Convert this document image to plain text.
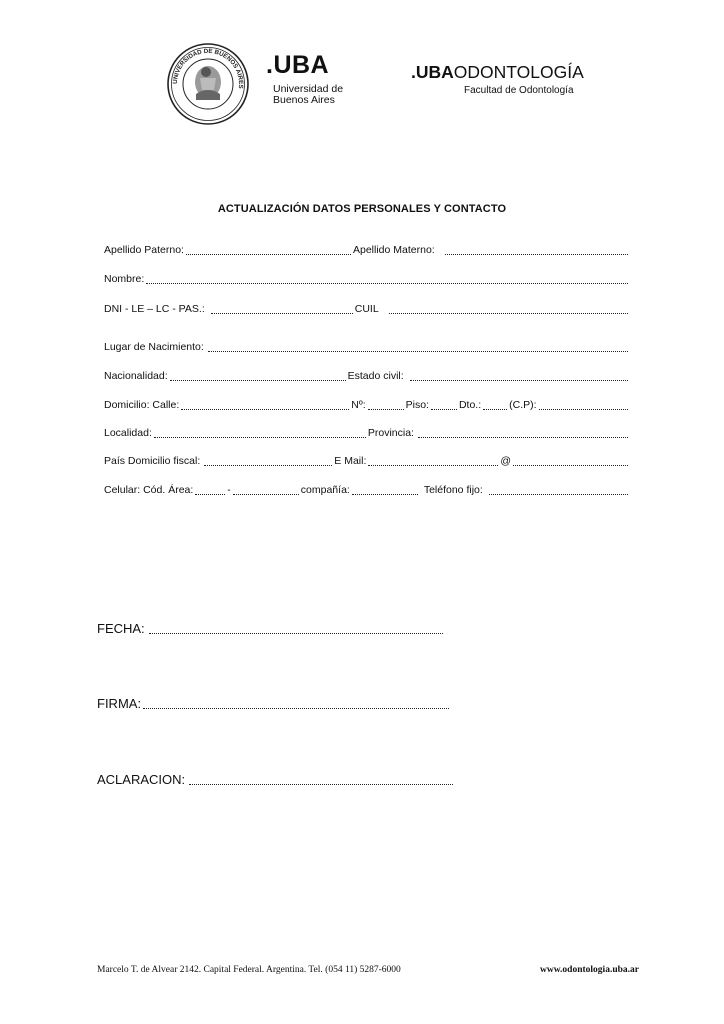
UNIVERSIDAD DE BUENOS AIRES
.UBA
Universidad de
Buenos Aires
.UBAODONTOLOGÍA
Facultad de Odontología
ACTUALIZACIÓN DATOS PERSONALES Y CONTACTO
Apellido Paterno:	Apellido Materno:
Nombre:
DNI - LE – LC - PAS.:	CUIL
Lugar de Nacimiento:
Nacionalidad:	Estado civil:
Domicilio: Calle:	Nº:	Piso:	Dto.:	(C.P):
Localidad:	Provincia:
País Domicilio fiscal:	E Mail:	@
Celular: Cód. Área:	-	compañía:	Teléfono fijo:
FECHA:
FIRMA:
ACLARACION:
Marcelo T. de Alvear 2142. Capital Federal. Argentina. Tel. (054 11) 5287-6000	www.odontologia.uba.ar
